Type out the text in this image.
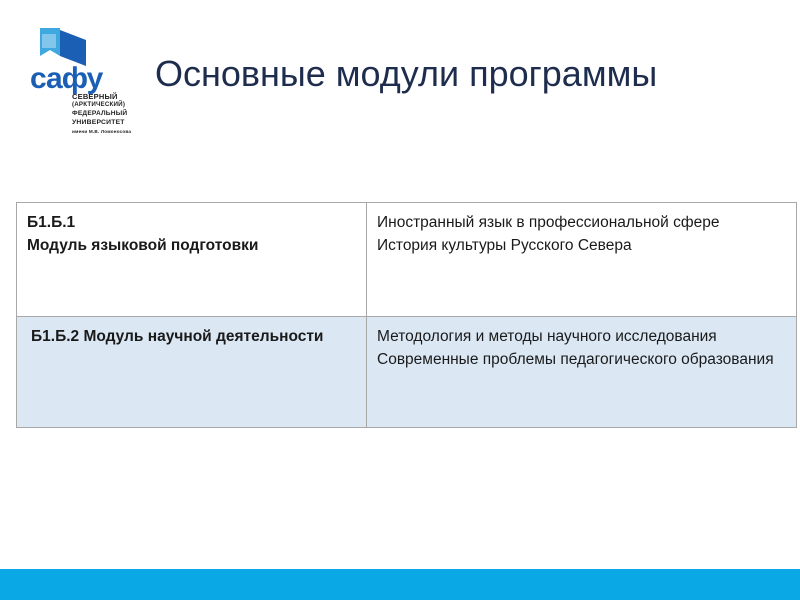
сафу
СЕВЕРНЫЙ
(АРКТИЧЕСКИЙ)
ФЕДЕРАЛЬНЫЙ
УНИВЕРСИТЕТ
имени М.В. Ломоносова
Основные модули программы
Б1.Б.1
Модуль языковой подготовки	Иностранный язык в профессиональной сфере
История культуры Русского Севера

Б1.Б.2 Модуль научной деятельности	Методология и методы научного исследования
Современные проблемы педагогического образования
